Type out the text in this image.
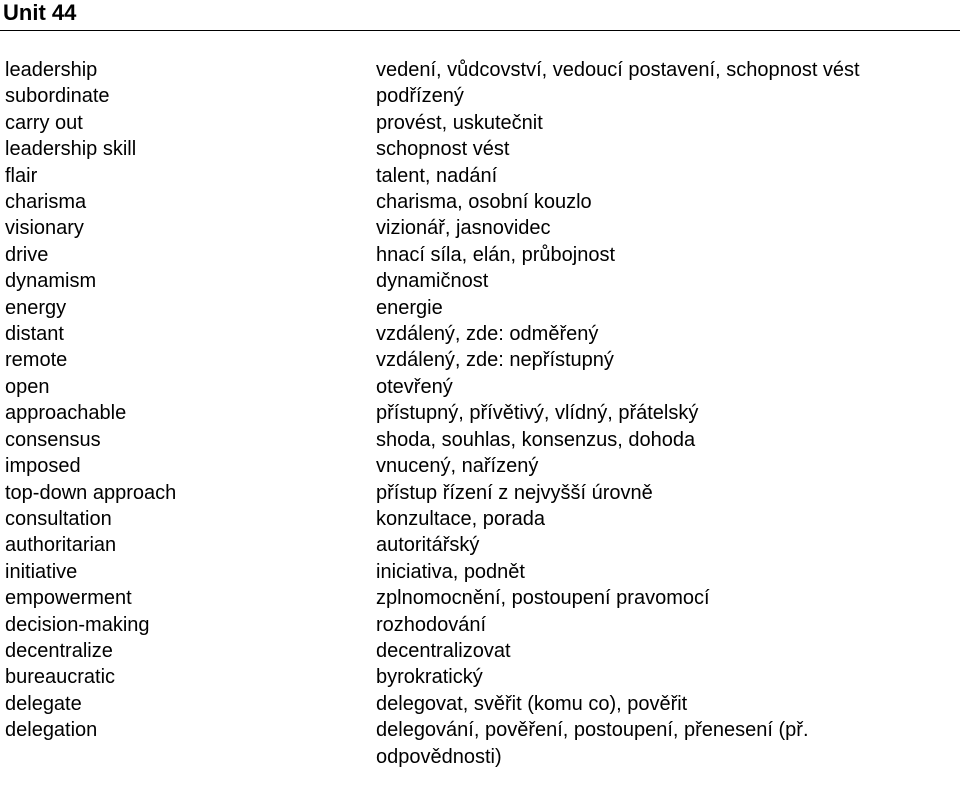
Unit 44
leadership	vedení, vůdcovství, vedoucí postavení, schopnost vést
subordinate	podřízený
carry out	provést, uskutečnit
leadership skill	schopnost vést
flair	talent, nadání
charisma	charisma, osobní kouzlo
visionary	vizionář, jasnovidec
drive	hnací síla, elán, průbojnost
dynamism	dynamičnost
energy	energie
distant	vzdálený, zde: odměřený
remote	vzdálený, zde: nepřístupný
open	otevřený
approachable	přístupný, přívětivý, vlídný, přátelský
consensus	shoda, souhlas, konsenzus, dohoda
imposed	vnucený, nařízený
top-down approach	přístup řízení z nejvyšší úrovně
consultation	konzultace, porada
authoritarian	autoritářský
initiative	iniciativa, podnět
empowerment	zplnomocnění, postoupení pravomocí
decision-making	rozhodování
decentralize	decentralizovat
bureaucratic	byrokratický
delegate	delegovat, svěřit (komu co), pověřit
delegation	delegování, pověření, postoupení, přenesení (př. odpovědnosti)
